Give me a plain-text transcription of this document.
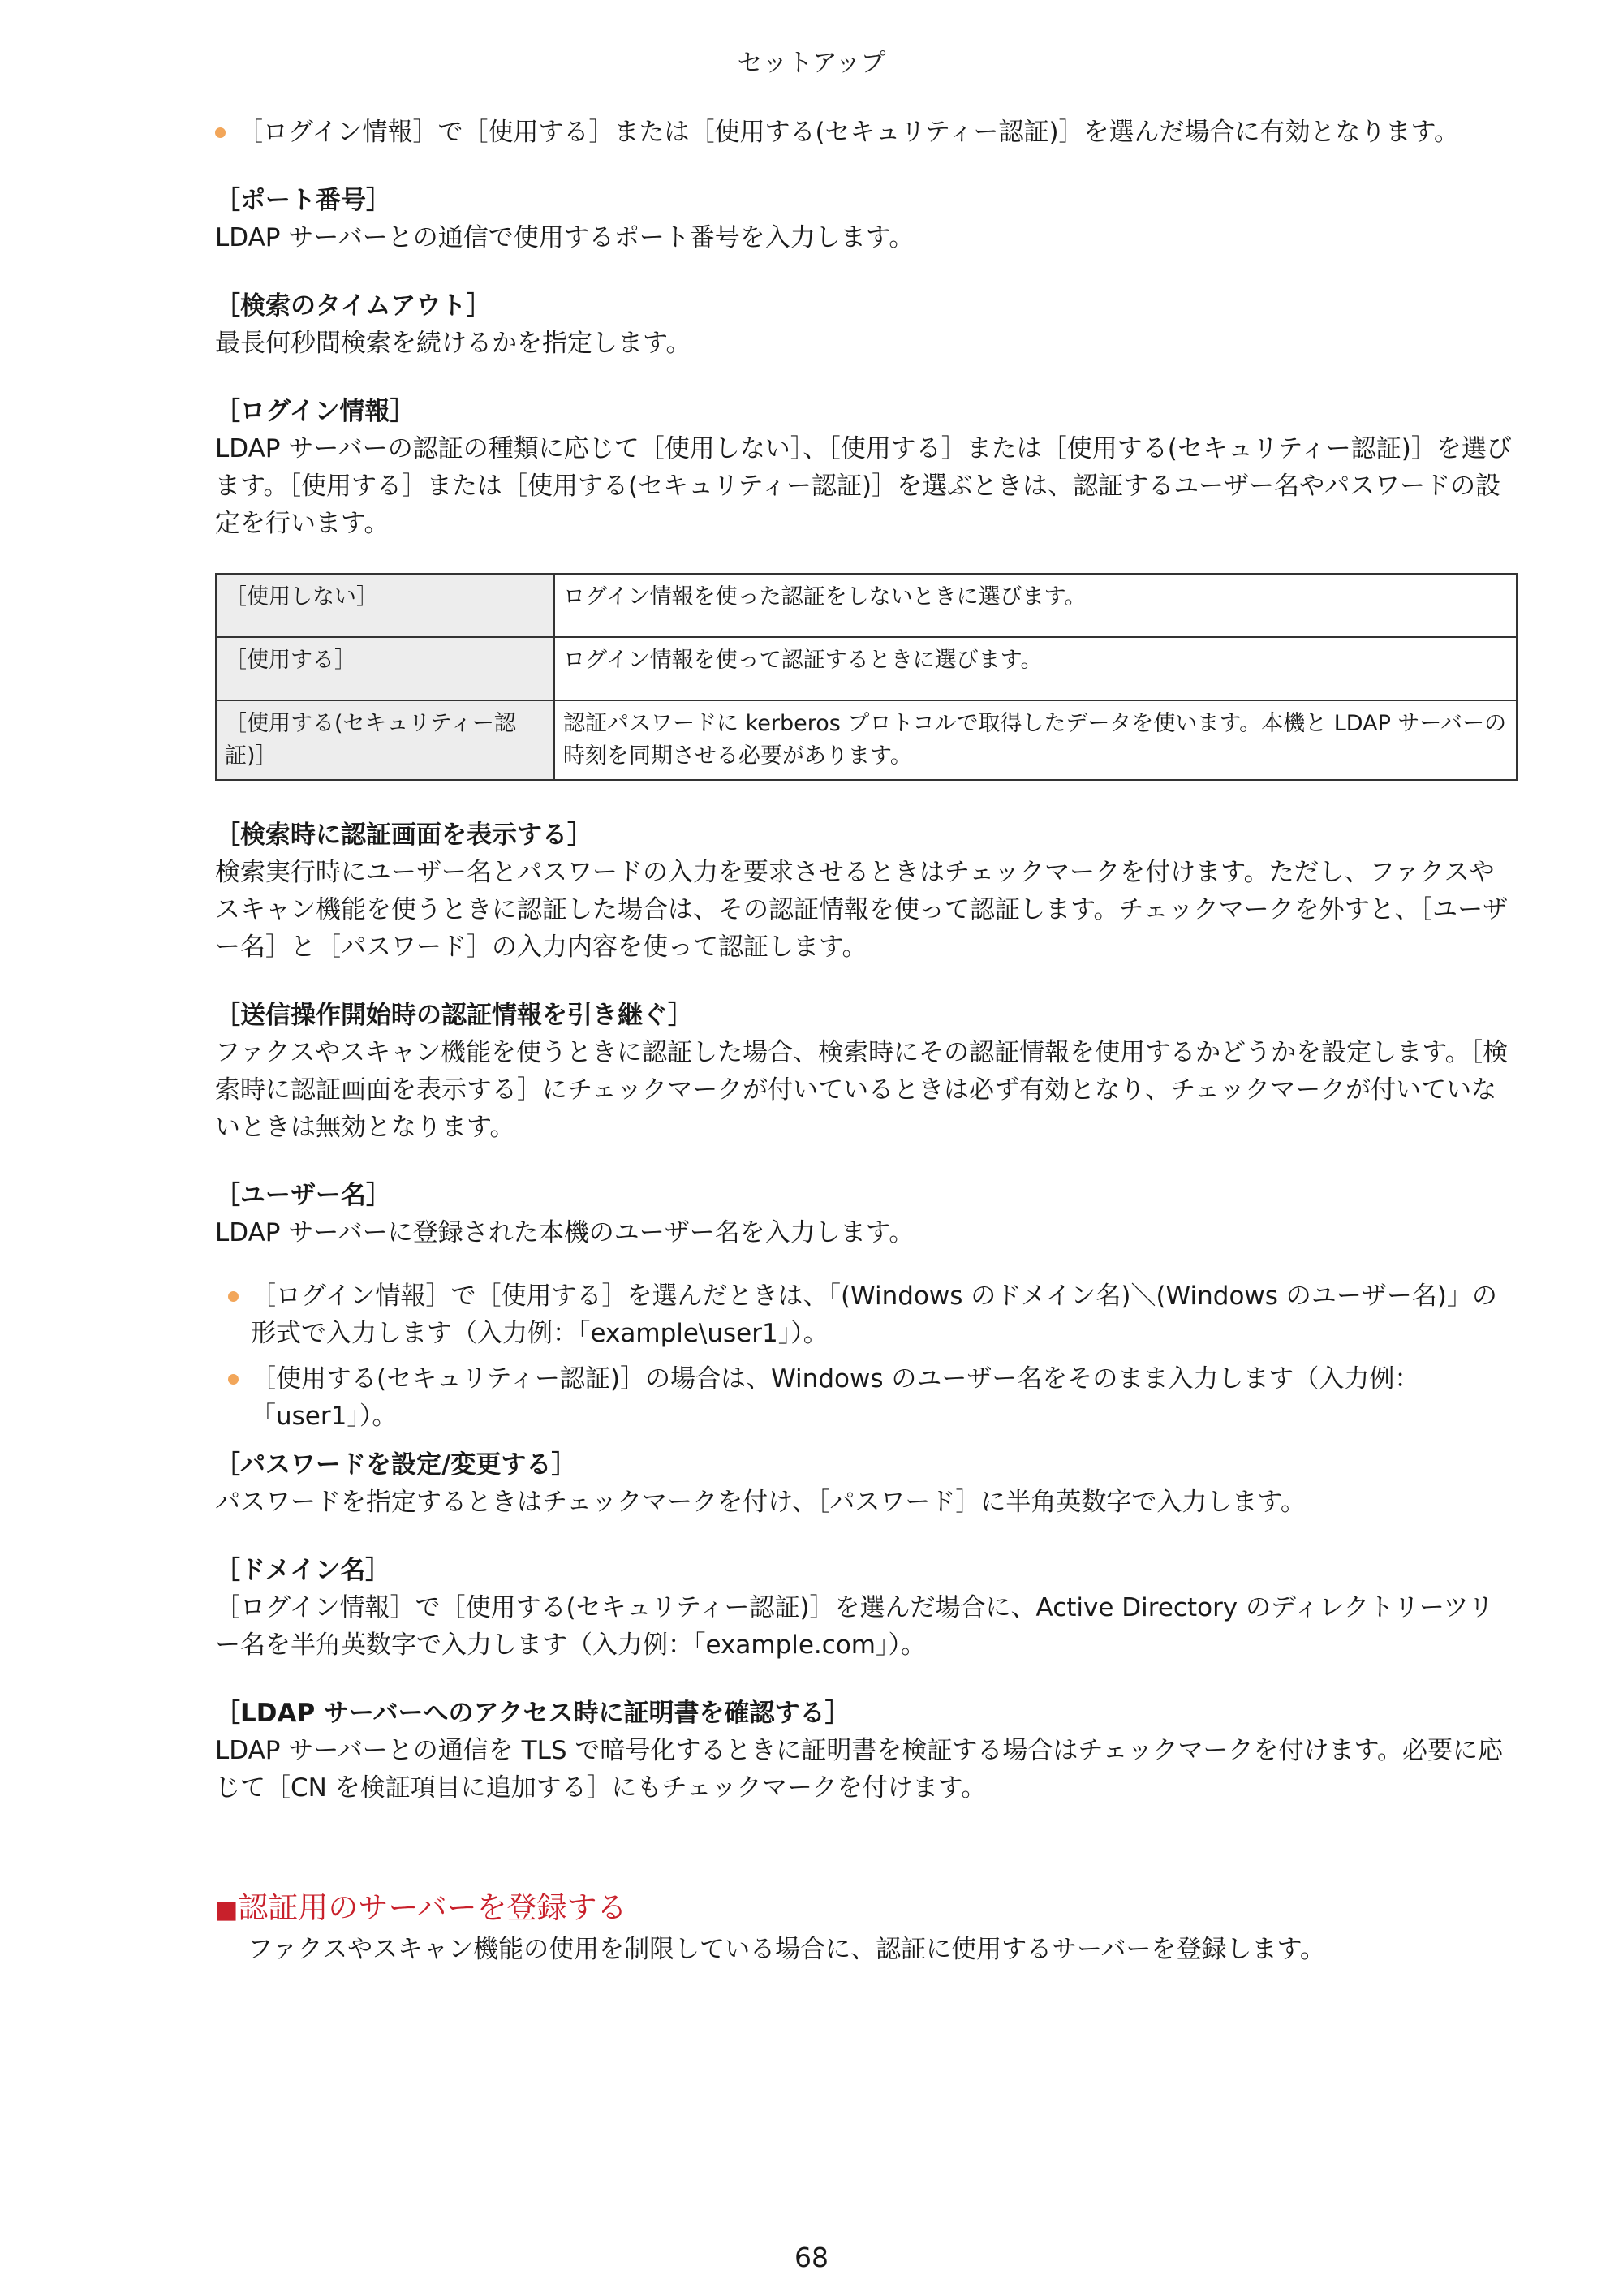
セットアップ
［ログイン情報］で［使用する］または［使用する(セキュリティー認証)］を選んだ場合に有効となります。

［ポート番号］

LDAP サーバーとの通信で使用するポート番号を入力します。

［検索のタイムアウト］

最長何秒間検索を続けるかを指定します。

［ログイン情報］

LDAP サーバーの認証の種類に応じて［使用しない］、［使用する］または［使用する(セキュリティー認証)］を選びます。［使用する］または［使用する(セキュリティー認証)］を選ぶときは、認証するユーザー名やパスワードの設定を行います。

［使用しない］	ログイン情報を使った認証をしないときに選びます。
［使用する］	ログイン情報を使って認証するときに選びます。
［使用する(セキュリティー認証)］	認証パスワードに kerberos プロトコルで取得したデータを使います。本機と LDAP サーバーの時刻を同期させる必要があります。

［検索時に認証画面を表示する］

検索実行時にユーザー名とパスワードの入力を要求させるときはチェックマークを付けます。ただし、ファクスやスキャン機能を使うときに認証した場合は、その認証情報を使って認証します。チェックマークを外すと、［ユーザー名］と［パスワード］の入力内容を使って認証します。

［送信操作開始時の認証情報を引き継ぐ］

ファクスやスキャン機能を使うときに認証した場合、検索時にその認証情報を使用するかどうかを設定します。［検索時に認証画面を表示する］にチェックマークが付いているときは必ず有効となり、チェックマークが付いていないときは無効となります。

［ユーザー名］

LDAP サーバーに登録された本機のユーザー名を入力します。

［ログイン情報］で［使用する］を選んだときは、「(Windows のドメイン名)＼(Windows のユーザー名)」の形式で入力します（入力例：「example\user1」）。
［使用する(セキュリティー認証)］の場合は、Windows のユーザー名をそのまま入力します（入力例：「user1」）。

［パスワードを設定/変更する］

パスワードを指定するときはチェックマークを付け、［パスワード］に半角英数字で入力します。

［ドメイン名］

［ログイン情報］で［使用する(セキュリティー認証)］を選んだ場合に、Active Directory のディレクトリーツリー名を半角英数字で入力します（入力例：「example.com」）。

［LDAP サーバーへのアクセス時に証明書を確認する］

LDAP サーバーとの通信を TLS で暗号化するときに証明書を検証する場合はチェックマークを付けます。必要に応じて［CN を検証項目に追加する］にもチェックマークを付けます。

■認証用のサーバーを登録する

ファクスやスキャン機能の使用を制限している場合に、認証に使用するサーバーを登録します。

68
